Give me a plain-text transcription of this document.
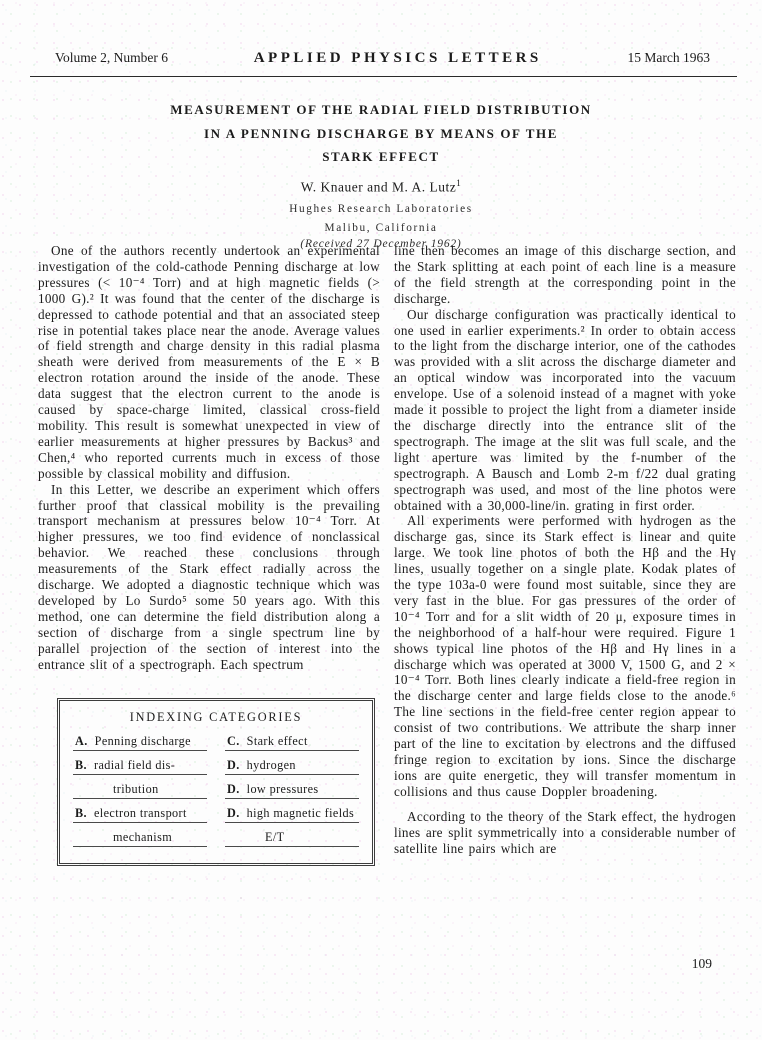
Volume 2, Number 6	APPLIED PHYSICS LETTERS	15 March 1963
MEASUREMENT OF THE RADIAL FIELD DISTRIBUTION
IN A PENNING DISCHARGE BY MEANS OF THE
STARK EFFECT
W. Knauer and M. A. Lutz$^1$
Hughes Research Laboratories
Malibu, California
(Received 27 December 1962)

One of the authors recently undertook an experimental investigation of the cold-cathode Penning discharge at low pressures (< 10⁻⁴ Torr) and at high magnetic fields (> 1000 G).² It was found that the center of the discharge is depressed to cathode potential and that an associated steep rise in potential takes place near the anode. Average values of field strength and charge density in this radial plasma sheath were derived from measurements of the E × B electron rotation around the inside of the anode. These data suggest that the electron current to the anode is caused by space-charge limited, classical cross-field mobility. This result is somewhat unexpected in view of earlier measurements at higher pressures by Backus³ and Chen,⁴ who reported currents much in excess of those possible by classical mobility and diffusion.

In this Letter, we describe an experiment which offers further proof that classical mobility is the prevailing transport mechanism at pressures below 10⁻⁴ Torr. At higher pressures, we too find evidence of nonclassical behavior. We reached these conclusions through measurements of the Stark effect radially across the discharge. We adopted a diagnostic technique which was developed by Lo Surdo⁵ some 50 years ago. With this method, one can determine the field distribution along a section of discharge from a single spectrum line by parallel projection of the section of interest into the entrance slit of a spectrograph. Each spectrum

INDEXING CATEGORIES
A. Penning discharge	C. Stark effect
B. radial field dis-	D. hydrogen
tribution	D. low pressures
B. electron transport	D. high magnetic fields
mechanism	E/T

line then becomes an image of this discharge section, and the Stark splitting at each point of each line is a measure of the field strength at the corresponding point in the discharge.

Our discharge configuration was practically identical to one used in earlier experiments.² In order to obtain access to the light from the discharge interior, one of the cathodes was provided with a slit across the discharge diameter and an optical window was incorporated into the vacuum envelope. Use of a solenoid instead of a magnet with yoke made it possible to project the light from a diameter inside the discharge directly into the entrance slit of the spectrograph. The image at the slit was full scale, and the light aperture was limited by the f-number of the spectrograph. A Bausch and Lomb 2-m f/22 dual grating spectrograph was used, and most of the line photos were obtained with a 30,000-line/in. grating in first order.

All experiments were performed with hydrogen as the discharge gas, since its Stark effect is linear and quite large. We took line photos of both the Hβ and the Hγ lines, usually together on a single plate. Kodak plates of the type 103a-0 were found most suitable, since they are very fast in the blue. For gas pressures of the order of 10⁻⁴ Torr and for a slit width of 20 μ, exposure times in the neighborhood of a half-hour were required. Figure 1 shows typical line photos of the Hβ and Hγ lines in a discharge which was operated at 3000 V, 1500 G, and 2 × 10⁻⁴ Torr. Both lines clearly indicate a field-free region in the discharge center and large fields close to the anode.⁶ The line sections in the field-free center region appear to consist of two contributions. We attribute the sharp inner part of the line to excitation by electrons and the diffused fringe region to excitation by ions. Since the discharge ions are quite energetic, they will transfer momentum in collisions and thus cause Doppler broadening.

According to the theory of the Stark effect, the hydrogen lines are split symmetrically into a considerable number of satellite line pairs which are

109
